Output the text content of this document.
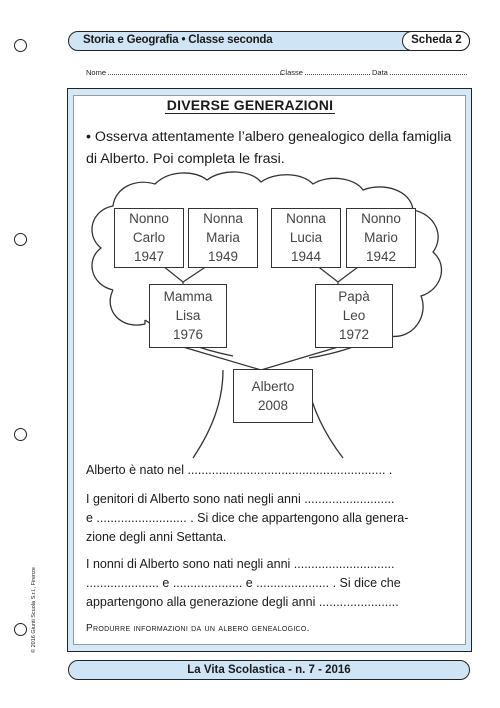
Storia e Geografia • Classe seconda	Scheda 2
Nome	Classe	Data
DIVERSE GENERAZIONI
• Osserva attentamente l’albero genealogico della famiglia di Alberto. Poi completa le frasi.
Nonno
Carlo
1947
Nonna
Maria
1949
Nonna
Lucia
1944
Nonno
Mario
1942
Mamma
Lisa
1976
Papà
Leo
1972
Alberto
2008
Alberto è nato nel ......................................................... .
I genitori di Alberto sono nati negli anni ..........................
e .......................... . Si dice che appartengono alla genera-
zione degli anni Settanta.
I nonni di Alberto sono nati negli anni .............................
..................... e .................... e ..................... . Si dice che
appartengono alla generazione degli anni .......................
Produrre informazioni da un albero genealogico.
© 2016 Giunti Scuola S.r.l., Firenze
La Vita Scolastica - n. 7 - 2016
